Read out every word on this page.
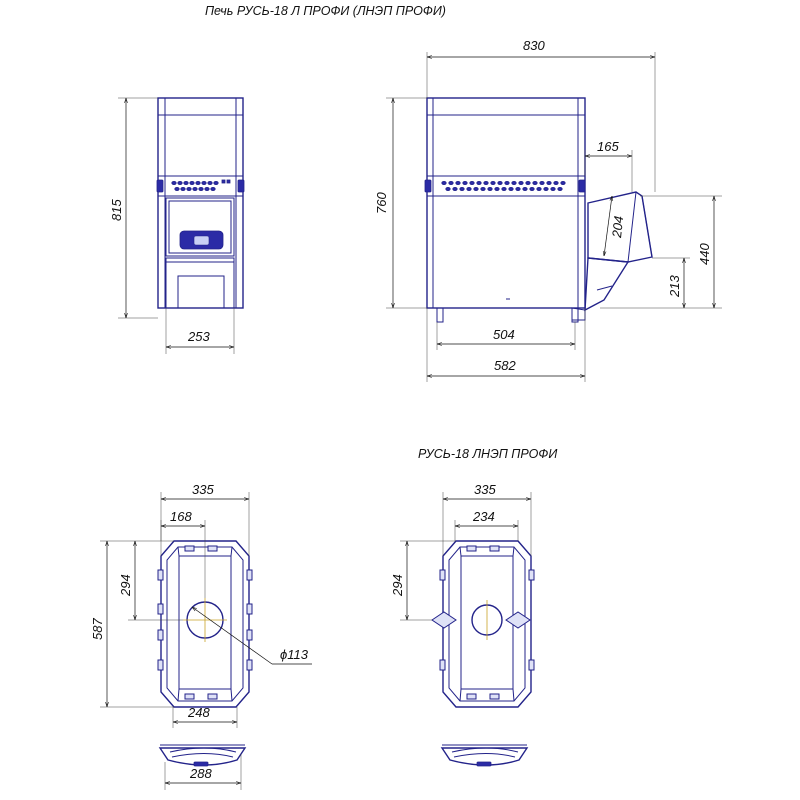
Печь РУСЬ-18 Л ПРОФИ (ЛНЭП ПРОФИ)
РУСЬ-18 ЛНЭП ПРОФИ
815
253
830
760
165
204
440
213
504
582
335
168
587
294
ϕ113
248
288
335
234
294
